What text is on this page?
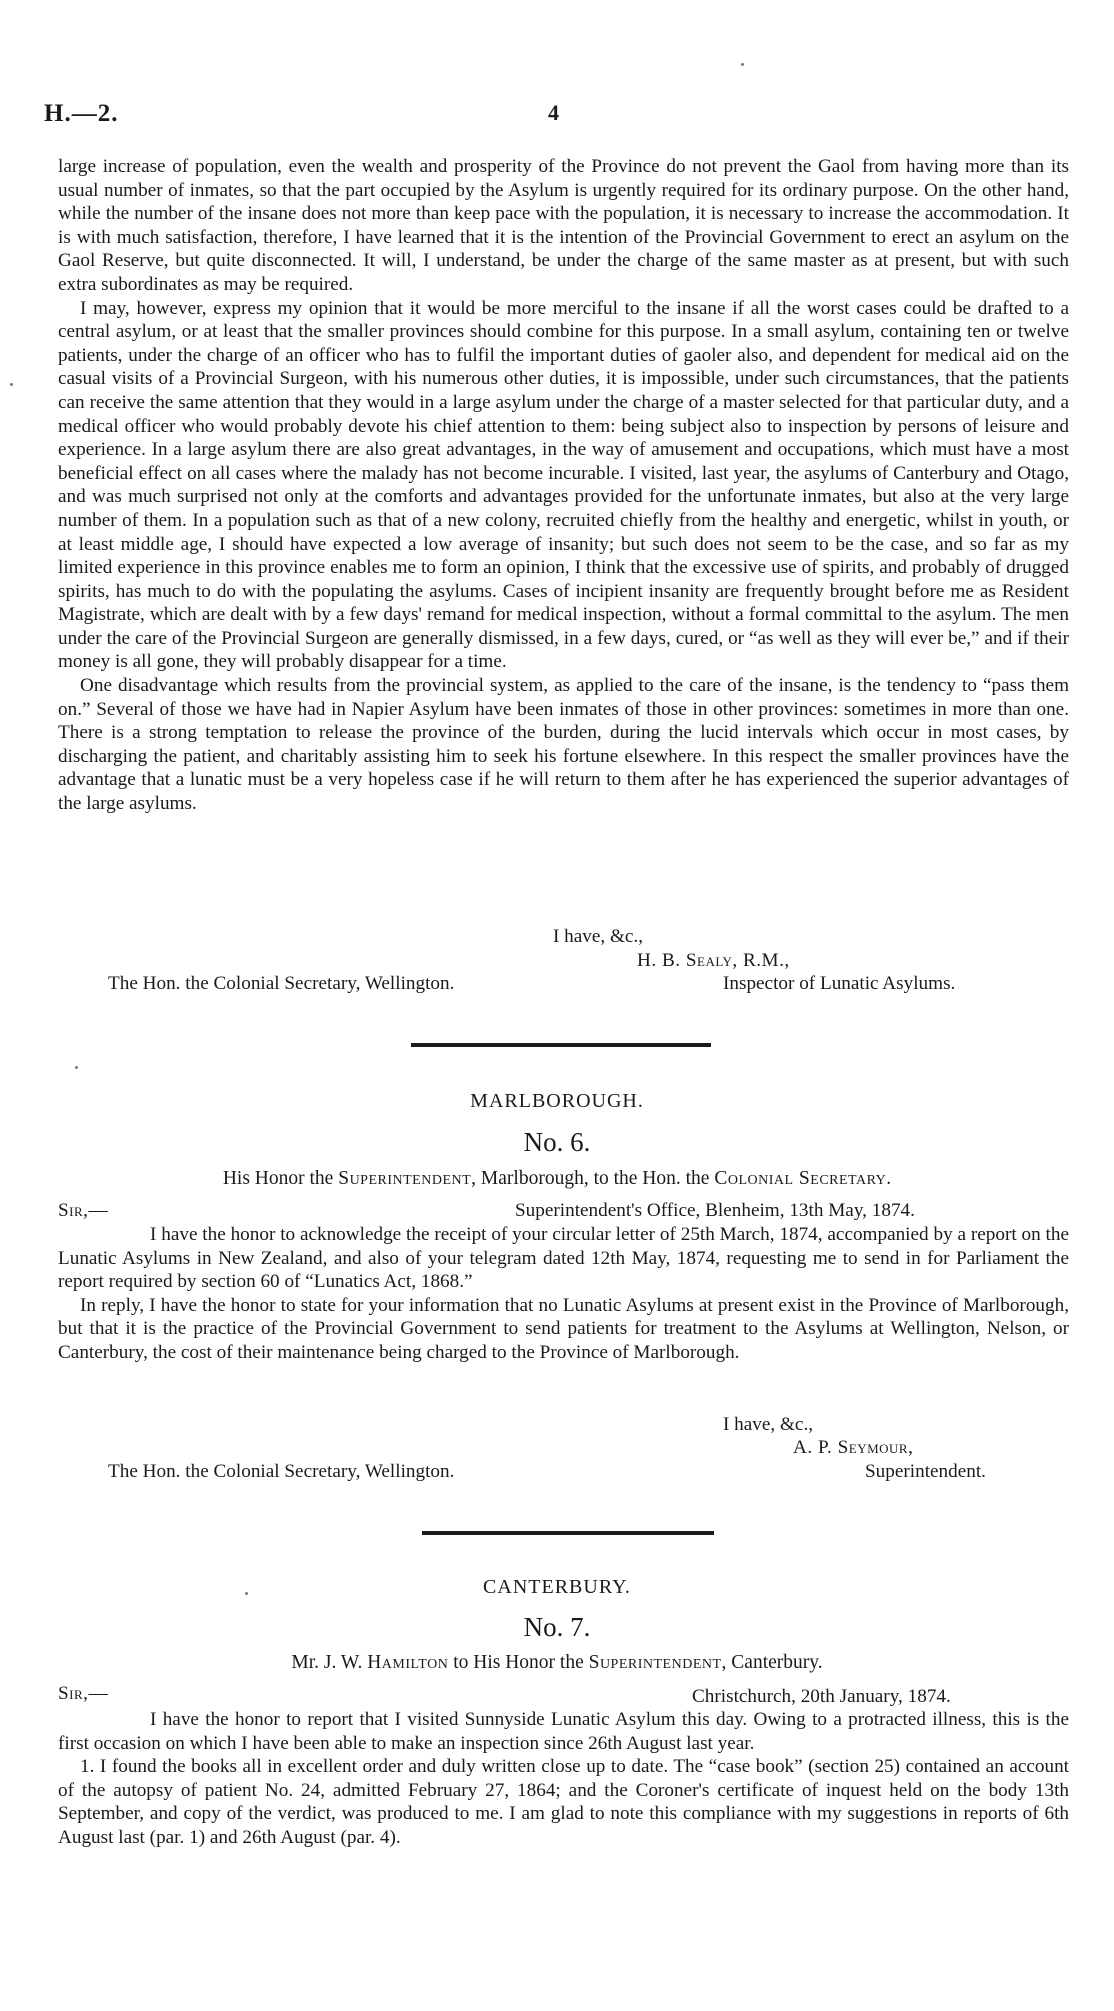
H.—2.	4

large increase of population, even the wealth and prosperity of the Province do not prevent the Gaol from having more than its usual number of inmates, so that the part occupied by the Asylum is urgently required for its ordinary purpose. On the other hand, while the number of the insane does not more than keep pace with the population, it is necessary to increase the accommodation. It is with much satisfaction, therefore, I have learned that it is the intention of the Provincial Government to erect an asylum on the Gaol Reserve, but quite disconnected. It will, I understand, be under the charge of the same master as at present, but with such extra subordinates as may be required.

I may, however, express my opinion that it would be more merciful to the insane if all the worst cases could be drafted to a central asylum, or at least that the smaller provinces should combine for this purpose. In a small asylum, containing ten or twelve patients, under the charge of an officer who has to fulfil the important duties of gaoler also, and dependent for medical aid on the casual visits of a Provincial Surgeon, with his numerous other duties, it is impossible, under such circumstances, that the patients can receive the same attention that they would in a large asylum under the charge of a master selected for that particular duty, and a medical officer who would probably devote his chief attention to them: being subject also to inspection by persons of leisure and experience. In a large asylum there are also great advantages, in the way of amusement and occupations, which must have a most beneficial effect on all cases where the malady has not become incurable. I visited, last year, the asylums of Canterbury and Otago, and was much surprised not only at the comforts and advantages provided for the unfortunate inmates, but also at the very large number of them. In a population such as that of a new colony, recruited chiefly from the healthy and energetic, whilst in youth, or at least middle age, I should have expected a low average of insanity; but such does not seem to be the case, and so far as my limited experience in this province enables me to form an opinion, I think that the excessive use of spirits, and probably of drugged spirits, has much to do with the populating the asylums. Cases of incipient insanity are frequently brought before me as Resident Magistrate, which are dealt with by a few days' remand for medical inspection, without a formal committal to the asylum. The men under the care of the Provincial Surgeon are generally dismissed, in a few days, cured, or “as well as they will ever be,” and if their money is all gone, they will probably disappear for a time.

One disadvantage which results from the provincial system, as applied to the care of the insane, is the tendency to “pass them on.” Several of those we have had in Napier Asylum have been inmates of those in other provinces: sometimes in more than one. There is a strong temptation to release the province of the burden, during the lucid intervals which occur in most cases, by discharging the patient, and charitably assisting him to seek his fortune elsewhere. In this respect the smaller provinces have the advantage that a lunatic must be a very hopeless case if he will return to them after he has experienced the superior advantages of the large asylums.

I have, &c.,
H. B. Sealy, R.M.,
The Hon. the Colonial Secretary, Wellington.	Inspector of Lunatic Asylums.
MARLBOROUGH.
No. 6.
His Honor the Superintendent, Marlborough, to the Hon. the Colonial Secretary.
Sir,—	Superintendent's Office, Blenheim, 13th May, 1874.

I have the honor to acknowledge the receipt of your circular letter of 25th March, 1874, accompanied by a report on the Lunatic Asylums in New Zealand, and also of your telegram dated 12th May, 1874, requesting me to send in for Parliament the report required by section 60 of “Lunatics Act, 1868.”

In reply, I have the honor to state for your information that no Lunatic Asylums at present exist in the Province of Marlborough, but that it is the practice of the Provincial Government to send patients for treatment to the Asylums at Wellington, Nelson, or Canterbury, the cost of their maintenance being charged to the Province of Marlborough.

I have, &c.,
A. P. Seymour,
The Hon. the Colonial Secretary, Wellington.	Superintendent.
CANTERBURY.
No. 7.
Mr. J. W. Hamilton to His Honor the Superintendent, Canterbury.
Sir,—	Christchurch, 20th January, 1874.

I have the honor to report that I visited Sunnyside Lunatic Asylum this day. Owing to a protracted illness, this is the first occasion on which I have been able to make an inspection since 26th August last year.

1. I found the books all in excellent order and duly written close up to date. The “case book” (section 25) contained an account of the autopsy of patient No. 24, admitted February 27, 1864; and the Coroner's certificate of inquest held on the body 13th September, and copy of the verdict, was produced to me. I am glad to note this compliance with my suggestions in reports of 6th August last (par. 1) and 26th August (par. 4).
